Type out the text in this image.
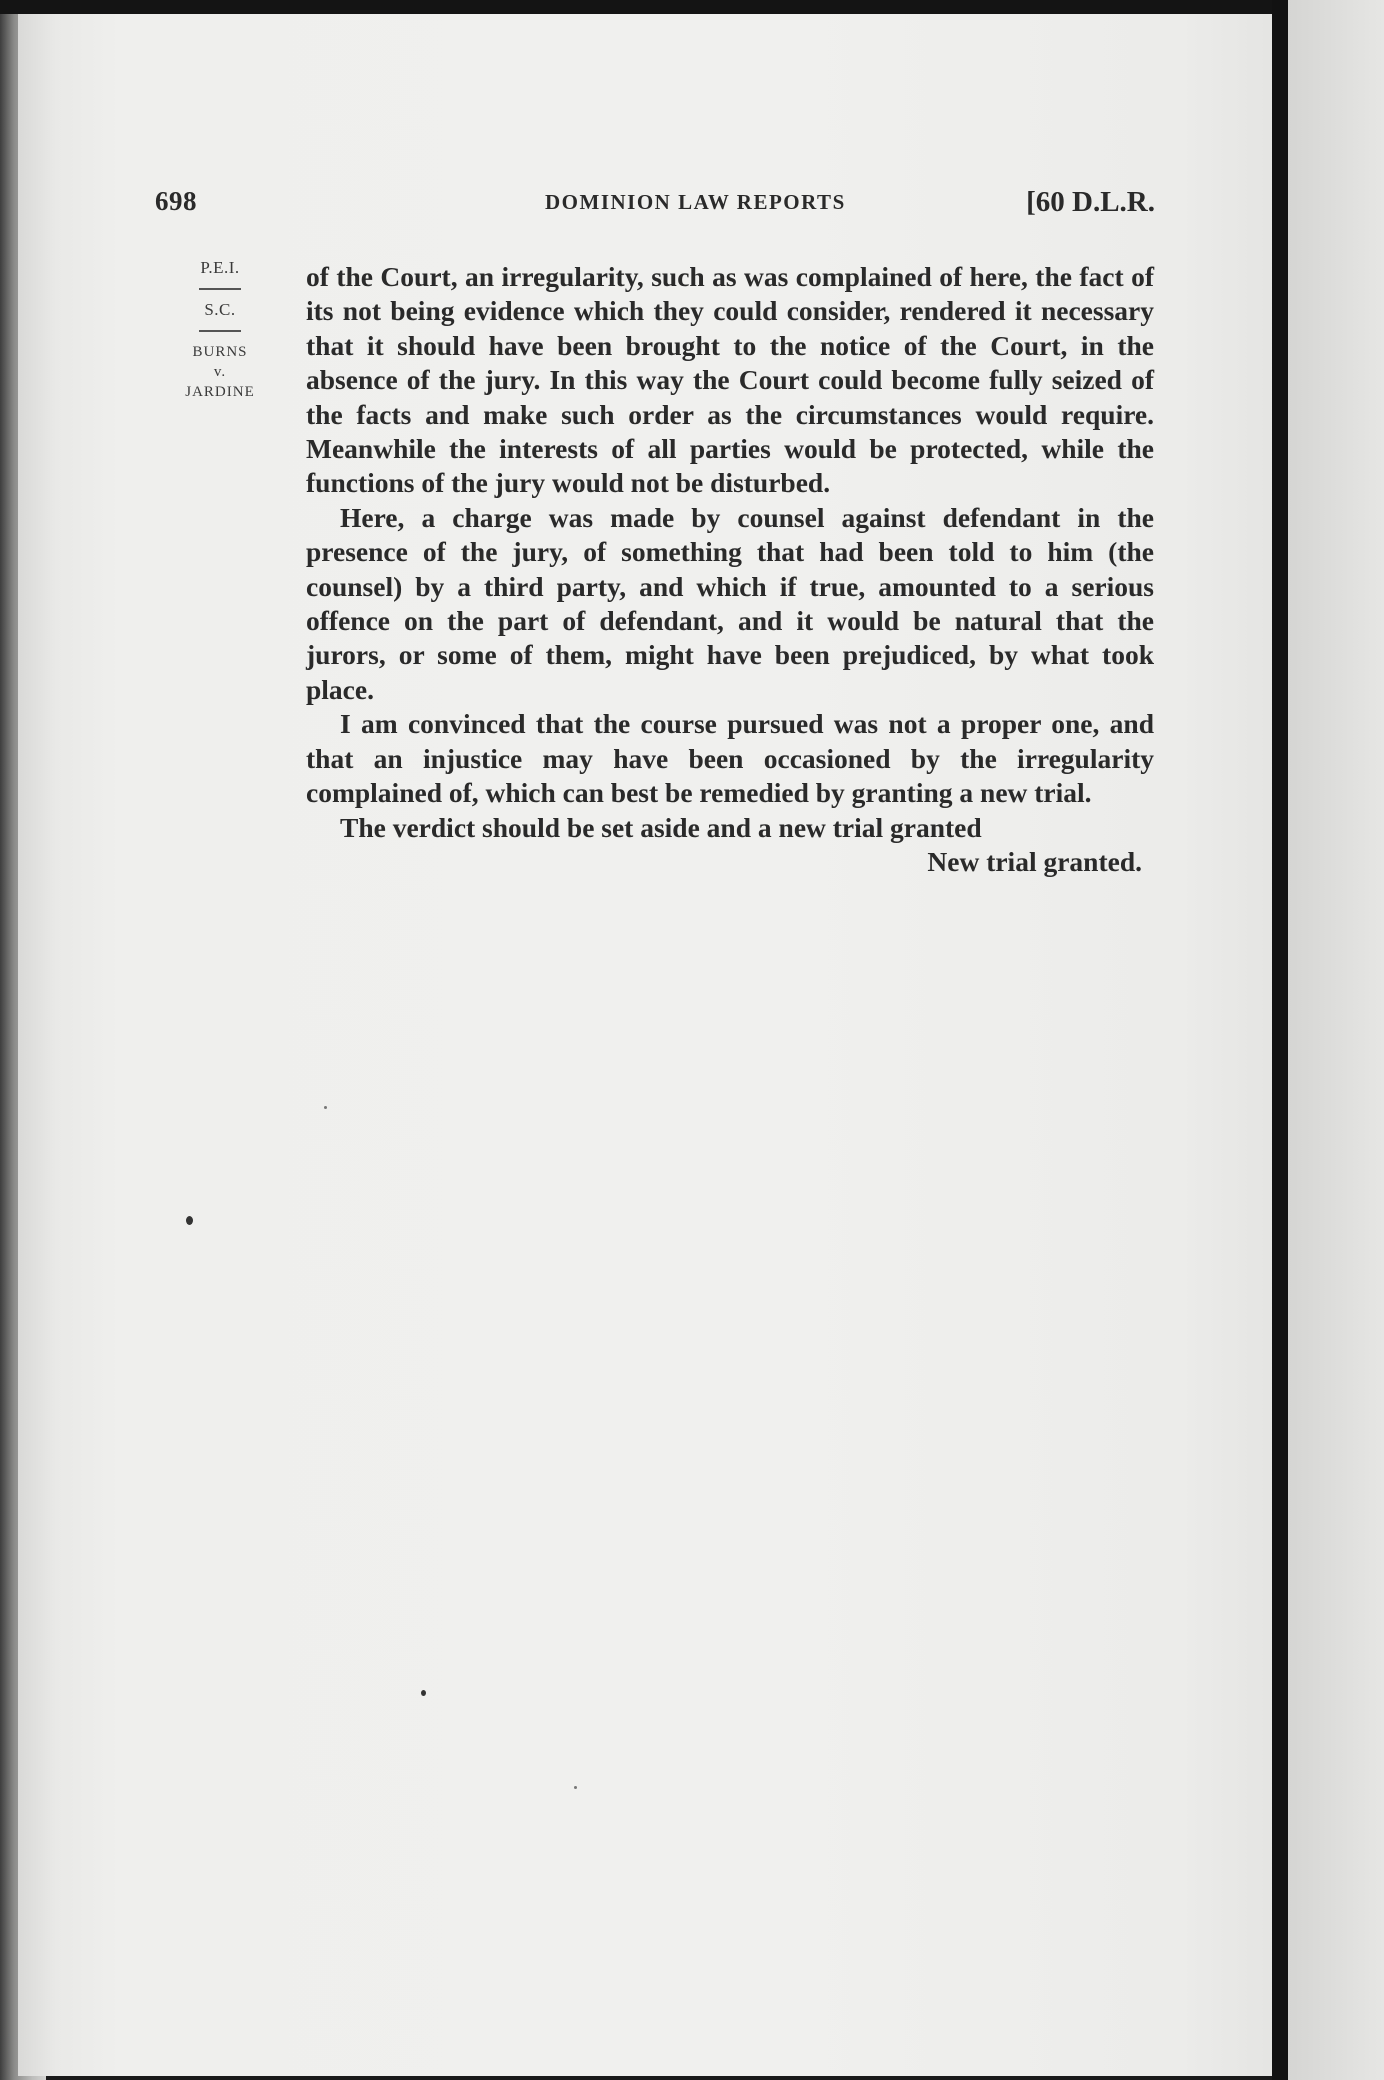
698	DOMINION LAW REPORTS	[60 D.L.R.
P.E.I.
S.C.
BURNS
v.
JARDINE

of the Court, an irregularity, such as was complained of here, the fact of its not being evidence which they could consider, rendered it necessary that it should have been brought to the notice of the Court, in the absence of the jury. In this way the Court could become fully seized of the facts and make such order as the circumstances would require. Meanwhile the interests of all parties would be protected, while the functions of the jury would not be disturbed.

Here, a charge was made by counsel against defendant in the presence of the jury, of something that had been told to him (the counsel) by a third party, and which if true, amounted to a serious offence on the part of defendant, and it would be natural that the jurors, or some of them, might have been prejudiced, by what took place.

I am convinced that the course pursued was not a proper one, and that an injustice may have been occasioned by the irregularity complained of, which can best be remedied by granting a new trial.

The verdict should be set aside and a new trial granted

New trial granted.
